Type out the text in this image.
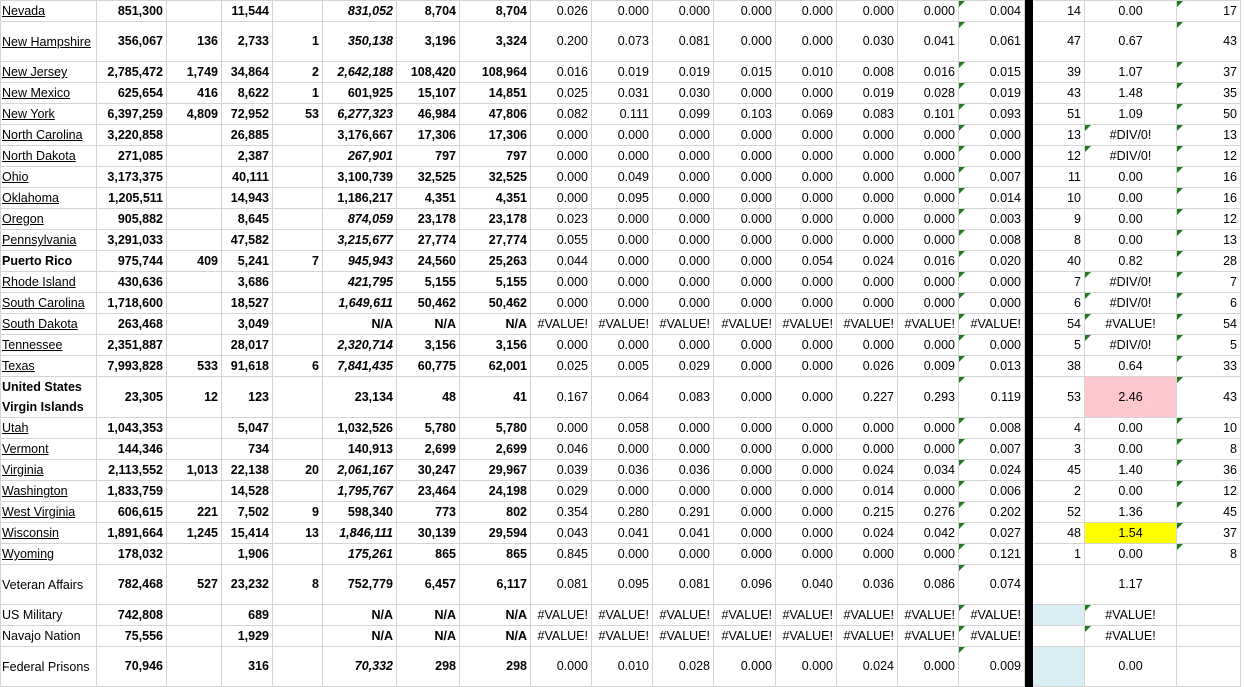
Nevada	851,300		11,544		831,052	8,704	8,704	0.026	0.000	0.000	0.000	0.000	0.000	0.000	0.004		14	0.00	17

New Hampshire	356,067	136	2,733	1	350,138	3,196	3,324	0.200	0.073	0.081	0.000	0.000	0.030	0.041	0.061		47	0.67	43

New Jersey	2,785,472	1,749	34,864	2	2,642,188	108,420	108,964	0.016	0.019	0.019	0.015	0.010	0.008	0.016	0.015		39	1.07	37

New Mexico	625,654	416	8,622	1	601,925	15,107	14,851	0.025	0.031	0.030	0.000	0.000	0.019	0.028	0.019		43	1.48	35

New York	6,397,259	4,809	72,952	53	6,277,323	46,984	47,806	0.082	0.111	0.099	0.103	0.069	0.083	0.101	0.093		51	1.09	50

North Carolina	3,220,858		26,885		3,176,667	17,306	17,306	0.000	0.000	0.000	0.000	0.000	0.000	0.000	0.000		13	#DIV/0!	13

North Dakota	271,085		2,387		267,901	797	797	0.000	0.000	0.000	0.000	0.000	0.000	0.000	0.000		12	#DIV/0!	12

Ohio	3,173,375		40,111		3,100,739	32,525	32,525	0.000	0.049	0.000	0.000	0.000	0.000	0.000	0.007		11	0.00	16

Oklahoma	1,205,511		14,943		1,186,217	4,351	4,351	0.000	0.095	0.000	0.000	0.000	0.000	0.000	0.014		10	0.00	16

Oregon	905,882		8,645		874,059	23,178	23,178	0.023	0.000	0.000	0.000	0.000	0.000	0.000	0.003		9	0.00	12

Pennsylvania	3,291,033		47,582		3,215,677	27,774	27,774	0.055	0.000	0.000	0.000	0.000	0.000	0.000	0.008		8	0.00	13

Puerto Rico	975,744	409	5,241	7	945,943	24,560	25,263	0.044	0.000	0.000	0.000	0.054	0.024	0.016	0.020		40	0.82	28

Rhode Island	430,636		3,686		421,795	5,155	5,155	0.000	0.000	0.000	0.000	0.000	0.000	0.000	0.000		7	#DIV/0!	7

South Carolina	1,718,600		18,527		1,649,611	50,462	50,462	0.000	0.000	0.000	0.000	0.000	0.000	0.000	0.000		6	#DIV/0!	6

South Dakota	263,468		3,049		N/A	N/A	N/A	#VALUE!	#VALUE!	#VALUE!	#VALUE!	#VALUE!	#VALUE!	#VALUE!	#VALUE!		54	#VALUE!	54

Tennessee	2,351,887		28,017		2,320,714	3,156	3,156	0.000	0.000	0.000	0.000	0.000	0.000	0.000	0.000		5	#DIV/0!	5

Texas	7,993,828	533	91,618	6	7,841,435	60,775	62,001	0.025	0.005	0.029	0.000	0.000	0.026	0.009	0.013		38	0.64	33

United States Virgin Islands	23,305	12	123		23,134	48	41	0.167	0.064	0.083	0.000	0.000	0.227	0.293	0.119		53	2.46	43

Utah	1,043,353		5,047		1,032,526	5,780	5,780	0.000	0.058	0.000	0.000	0.000	0.000	0.000	0.008		4	0.00	10

Vermont	144,346		734		140,913	2,699	2,699	0.046	0.000	0.000	0.000	0.000	0.000	0.000	0.007		3	0.00	8

Virginia	2,113,552	1,013	22,138	20	2,061,167	30,247	29,967	0.039	0.036	0.036	0.000	0.000	0.024	0.034	0.024		45	1.40	36

Washington	1,833,759		14,528		1,795,767	23,464	24,198	0.029	0.000	0.000	0.000	0.000	0.014	0.000	0.006		2	0.00	12

West Virginia	606,615	221	7,502	9	598,340	773	802	0.354	0.280	0.291	0.000	0.000	0.215	0.276	0.202		52	1.36	45

Wisconsin	1,891,664	1,245	15,414	13	1,846,111	30,139	29,594	0.043	0.041	0.041	0.000	0.000	0.024	0.042	0.027		48	1.54	37

Wyoming	178,032		1,906		175,261	865	865	0.845	0.000	0.000	0.000	0.000	0.000	0.000	0.121		1	0.00	8

Veteran Affairs	782,468	527	23,232	8	752,779	6,457	6,117	0.081	0.095	0.081	0.096	0.040	0.036	0.086	0.074			1.17	
US Military	742,808		689		N/A	N/A	N/A	#VALUE!	#VALUE!	#VALUE!	#VALUE!	#VALUE!	#VALUE!	#VALUE!	#VALUE!			#VALUE!

Navajo Nation	75,556		1,929		N/A	N/A	N/A	#VALUE!	#VALUE!	#VALUE!	#VALUE!	#VALUE!	#VALUE!	#VALUE!	#VALUE!			#VALUE!

Federal Prisons	70,946		316		70,332	298	298	0.000	0.010	0.028	0.000	0.000	0.024	0.000	0.009			0.00	
